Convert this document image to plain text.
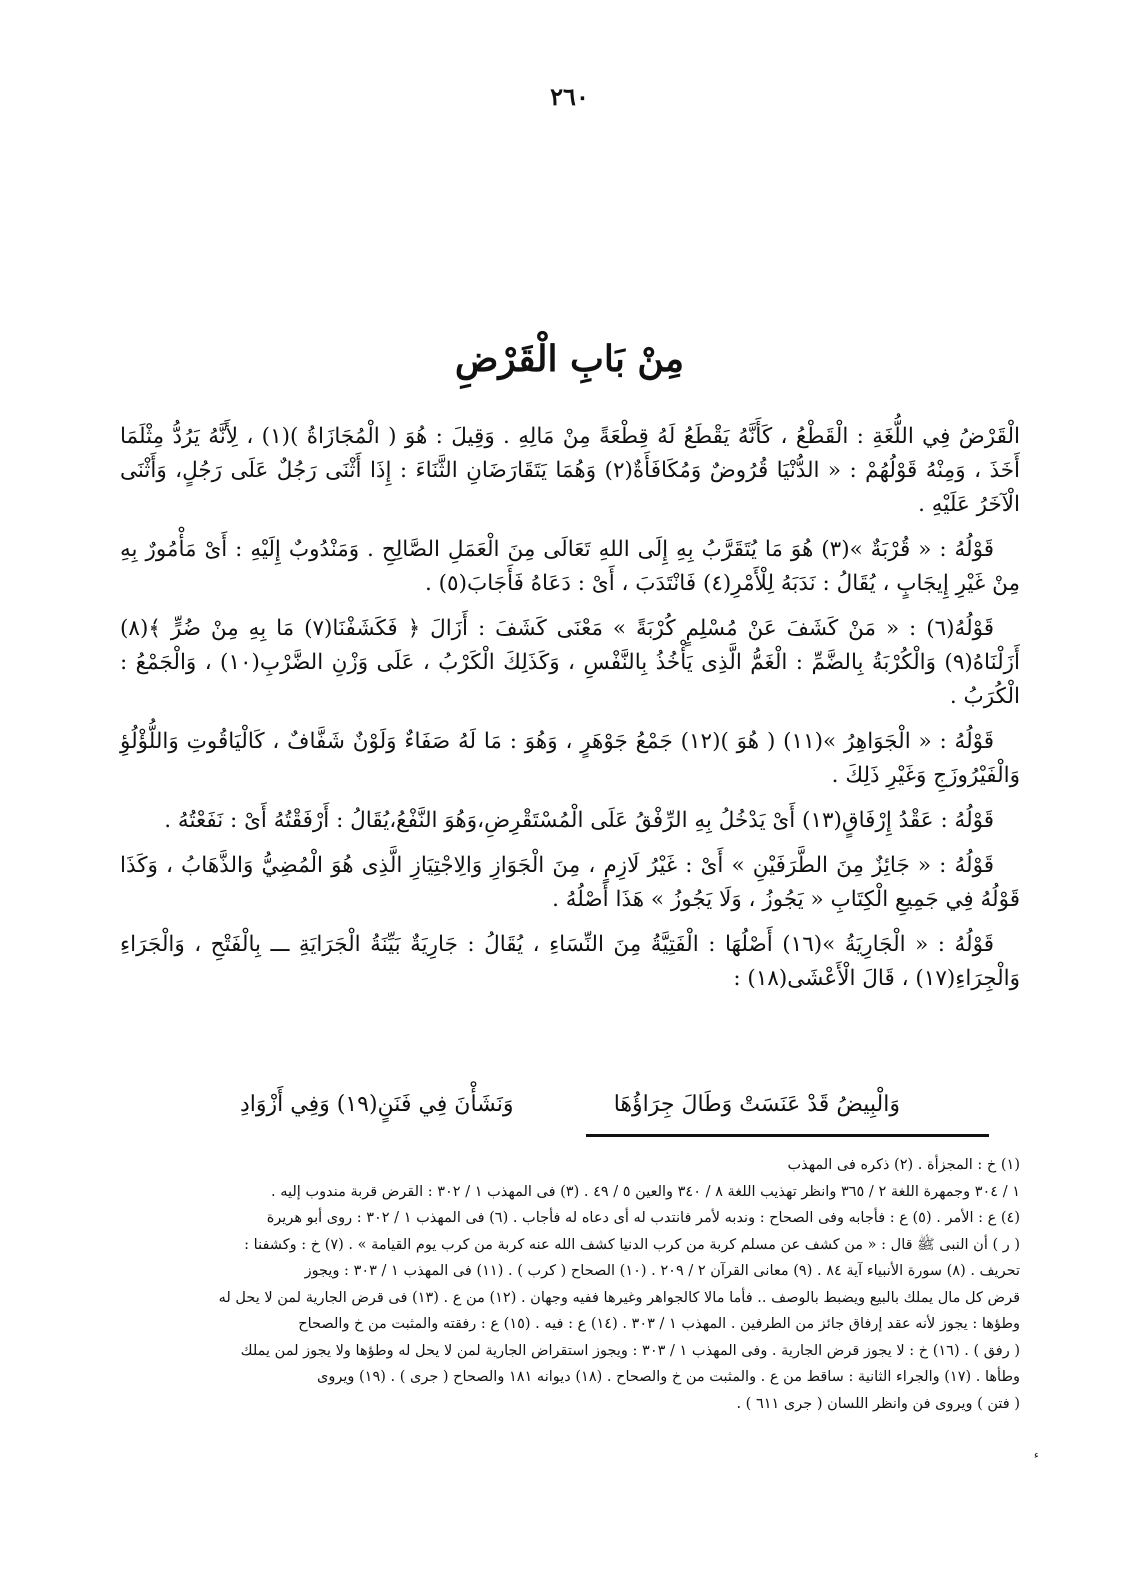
٢٦٠
مِنْ بَابِ الْقَرْضِ

الْقَرْضُ فِي اللُّغَةِ : الْقَطْعُ ، كَأَنَّهُ يَقْطَعُ لَهُ قِطْعَةً مِنْ مَالِهِ . وَقِيلَ : هُوَ ( الْمُجَازَاةُ )(١) ، لِأَنَّهُ يَرُدُّ مِثْلَمَا أَخَذَ ، وَمِنْهُ قَوْلُهُمْ : « الدُّنْيَا قُرُوضٌ وَمُكَافَأَةٌ(٢) وَهُمَا يَتَقَارَضَانِ الثَّنَاءَ : إِذَا أَثْنَى رَجُلٌ عَلَى رَجُلٍ، وَأَثْنَى الْآخَرُ عَلَيْهِ .

قَوْلُهُ : « قُرْبَةٌ »(٣) هُوَ مَا يُتَقَرَّبُ بِهِ إِلَى اللهِ تَعَالَى مِنَ الْعَمَلِ الصَّالِحِ . وَمَنْدُوبٌ إِلَيْهِ : أَىْ مَأْمُورٌ بِهِ مِنْ غَيْرِ إِيجَابٍ ، يُقَالُ : نَدَبَهُ لِلْأَمْرِ(٤) فَانْتَدَبَ ، أَىْ : دَعَاهُ فَأَجَابَ(٥) .

قَوْلُهُ(٦) : « مَنْ كَشَفَ عَنْ مُسْلِمٍ كُرْبَةً » مَعْنَى كَشَفَ : أَزَالَ ﴿ فَكَشَفْنَا(٧) مَا بِهِ مِنْ ضُرٍّ ﴾(٨) أَزَلْنَاهُ(٩) وَالْكُرْبَةُ بِالضَّمِّ : الْغَمُّ الَّذِى يَأْخُذُ بِالنَّفْسِ ، وَكَذَلِكَ الْكَرْبُ ، عَلَى وَزْنِ الضَّرْبِ(١٠) ، وَالْجَمْعُ : الْكُرَبُ .

قَوْلُهُ : « الْجَوَاهِرُ »(١١) ( هُوَ )(١٢) جَمْعُ جَوْهَرٍ ، وَهُوَ : مَا لَهُ صَفَاءٌ وَلَوْنٌ شَفَّافٌ ، كَالْيَاقُوتِ وَاللُّؤْلُؤِ وَالْفَيْرُوزَجِ وَغَيْرِ ذَلِكَ .

قَوْلُهُ : عَقْدُ إِرْفَاقٍ(١٣) أَىْ يَدْخُلُ بِهِ الرِّفْقُ عَلَى الْمُسْتَقْرِضِ،وَهُوَ النَّفْعُ،يُقَالُ : أَرْفَقْتُهُ أَىْ : نَفَعْتُهُ .

قَوْلُهُ : « جَائِزٌ مِنَ الطَّرَفَيْنِ » أَىْ : غَيْرُ لَازِمٍ ، مِنَ الْجَوَازِ وَالِاجْتِيَازِ الَّذِى هُوَ الْمُضِيُّ وَالذَّهَابُ ، وَكَذَا قَوْلُهُ فِي جَمِيعِ الْكِتَابِ « يَجُوزُ ، وَلَا يَجُوزُ » هَذَا أَصْلُهُ .

قَوْلُهُ : « الْجَارِيَةُ »(١٦) أَصْلُهَا : الْفَتِيَّةُ مِنَ النِّسَاءِ ، يُقَالُ : جَارِيَةٌ بَيِّنَةُ الْجَرَايَةِ ـــ بِالْفَتْحِ ، وَالْجَرَاءِ وَالْجِرَاءِ(١٧) ، قَالَ الْأَعْشَى(١٨) :

وَالْبِيضُ قَدْ عَنَسَتْ وَطَالَ جِرَاؤُهَا
وَنَشَأْنَ فِي فَنَنٍ(١٩) وَفِي أَزْوَادِ

(١) خ : المجزأة . (٢) ذكره فى المهذب

١ / ٣٠٤ وجمهرة اللغة ٢ / ٣٦٥ وانظر تهذيب اللغة ٨ / ٣٤٠ والعين ٥ / ٤٩ . (٣) فى المهذب ١ / ٣٠٢ : القرض قربة مندوب إليه .

(٤) ع : الأمر . (٥) ع : فأجابه وفى الصحاح : وندبه لأمر فانتدب له أى دعاه له فأجاب . (٦) فى المهذب ١ / ٣٠٢ : روى أبو هريرة

( ر ) أن النبى ﷺ قال : « من كشف عن مسلم كربة من كرب الدنيا كشف الله عنه كربة من كرب يوم القيامة » . (٧) خ : وكشفنا :

تحريف . (٨) سورة الأنبياء آية ٨٤ . (٩) معانى القرآن ٢ / ٢٠٩ . (١٠) الصحاح ( كرب ) . (١١) فى المهذب ١ / ٣٠٣ : ويجوز

قرض كل مال يملك بالبيع ويضبط بالوصف .. فأما مالا كالجواهر وغيرها ففيه وجهان . (١٢) من ع . (١٣) فى قرض الجارية لمن لا يحل له

وطؤها : يجوز لأنه عقد إرفاق جائز من الطرفين . المهذب ١ / ٣٠٣ . (١٤) ع : فيه . (١٥) ع : رفقته والمثبت من خ والصحاح

( رفق ) . (١٦) خ : لا يجوز قرض الجارية . وفى المهذب ١ / ٣٠٣ : ويجوز استقراض الجارية لمن لا يحل له وطؤها ولا يجوز لمن يملك

وطأها . (١٧) والجراء الثانية : ساقط من ع . والمثبت من خ والصحاح . (١٨) ديوانه ١٨١ والصحاح ( جرى ) . (١٩) ويروى

( فتن ) ويروى فن وانظر اللسان ( جرى ٦١١ ) .

ء
